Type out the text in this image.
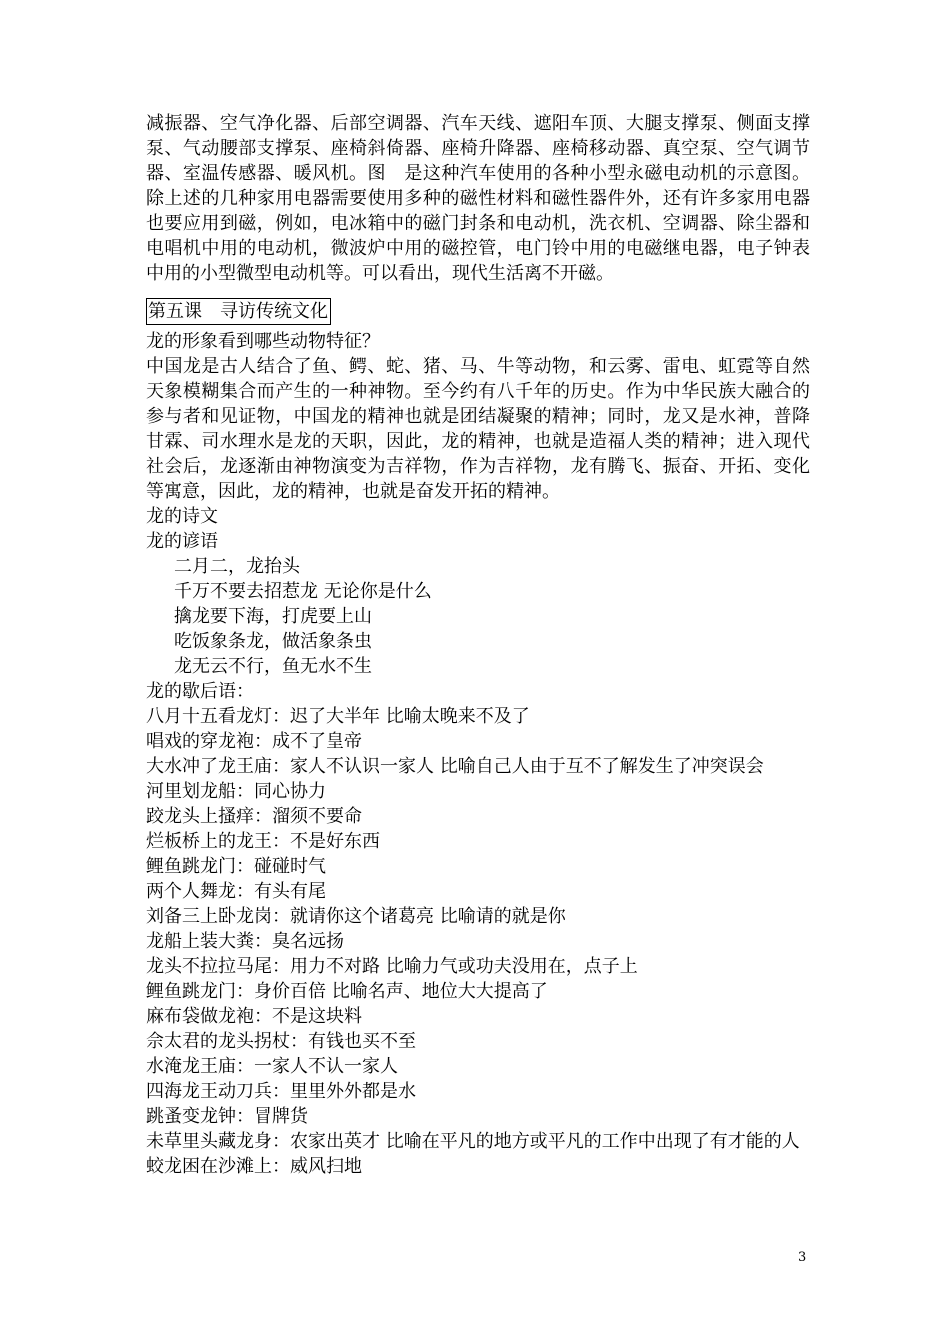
减振器、空气净化器、后部空调器、汽车天线、遮阳车顶、大腿支撑泵、侧面支撑泵、气动腰部支撑泵、座椅斜倚器、座椅升降器、座椅移动器、真空泵、空气调节器、室温传感器、暖风机。图　是这种汽车使用的各种小型永磁电动机的示意图。 除上述的几种家用电器需要使用多种的磁性材料和磁性器件外，还有许多家用电器也要应用到磁，例如，电冰箱中的磁门封条和电动机，洗衣机、空调器、除尘器和电唱机中用的电动机，微波炉中用的磁控管，电门铃中用的电磁继电器，电子钟表中用的小型微型电动机等。可以看出，现代生活离不开磁。

第五课　寻访传统文化

龙的形象看到哪些动物特征？

中国龙是古人结合了鱼、鳄、蛇、猪、马、牛等动物，和云雾、雷电、虹霓等自然天象模糊集合而产生的一种神物。至今约有八千年的历史。作为中华民族大融合的参与者和见证物，中国龙的精神也就是团结凝聚的精神；同时，龙又是水神，普降甘霖、司水理水是龙的天职，因此，龙的精神，也就是造福人类的精神；进入现代社会后，龙逐渐由神物演变为吉祥物，作为吉祥物，龙有腾飞、振奋、开拓、变化等寓意，因此，龙的精神，也就是奋发开拓的精神。

龙的诗文

龙的谚语

二月二，龙抬头

千万不要去招惹龙 无论你是什么

擒龙要下海，打虎要上山

吃饭象条龙，做活象条虫

龙无云不行，鱼无水不生

龙的歇后语：

八月十五看龙灯：迟了大半年 比喻太晚来不及了

唱戏的穿龙袍：成不了皇帝

大水冲了龙王庙：家人不认识一家人 比喻自己人由于互不了解发生了冲突误会

河里划龙船：同心协力

跤龙头上搔痒：溜须不要命

烂板桥上的龙王：不是好东西

鲤鱼跳龙门：碰碰时气

两个人舞龙：有头有尾

刘备三上卧龙岗：就请你这个诸葛亮 比喻请的就是你

龙船上装大粪：臭名远扬

龙头不拉拉马尾：用力不对路 比喻力气或功夫没用在，点子上

鲤鱼跳龙门：身价百倍 比喻名声、地位大大提高了

麻布袋做龙袍：不是这块料

佘太君的龙头拐杖：有钱也买不至

水淹龙王庙：一家人不认一家人

四海龙王动刀兵：里里外外都是水

跳蚤变龙钟：冒牌货

未草里头藏龙身：农家出英才 比喻在平凡的地方或平凡的工作中出现了有才能的人

蛟龙困在沙滩上：威风扫地

3
